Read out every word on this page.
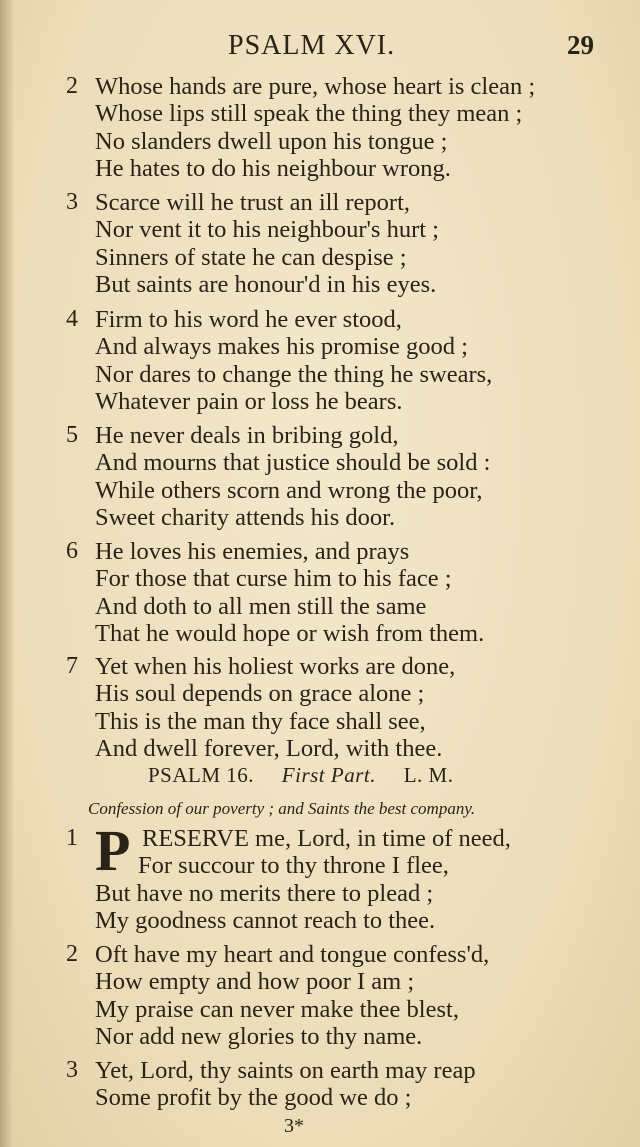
PSALM XVI.	29
2 Whose hands are pure, whose heart is clean ;
Whose lips still speak the thing they mean ;
No slanders dwell upon his tongue ;
He hates to do his neighbour wrong.
3 Scarce will he trust an ill report,
Nor vent it to his neighbour's hurt ;
Sinners of state he can despise ;
But saints are honour'd in his eyes.
4 Firm to his word he ever stood,
And always makes his promise good ;
Nor dares to change the thing he swears,
Whatever pain or loss he bears.
5 He never deals in bribing gold,
And mourns that justice should be sold :
While others scorn and wrong the poor,
Sweet charity attends his door.
6 He loves his enemies, and prays
For those that curse him to his face ;
And doth to all men still the same
That he would hope or wish from them.
7 Yet when his holiest works are done,
His soul depends on grace alone ;
This is the man thy face shall see,
And dwell forever, Lord, with thee.
PSALM 16. First Part. L. M.
Confession of our poverty ; and Saints the best company.
1 P RESERVE me, Lord, in time of need,
For succour to thy throne I flee,
But have no merits there to plead ;
My goodness cannot reach to thee.
2 Oft have my heart and tongue confess'd,
How empty and how poor I am ;
My praise can never make thee blest,
Nor add new glories to thy name.
3 Yet, Lord, thy saints on earth may reap
Some profit by the good we do ;
3*
